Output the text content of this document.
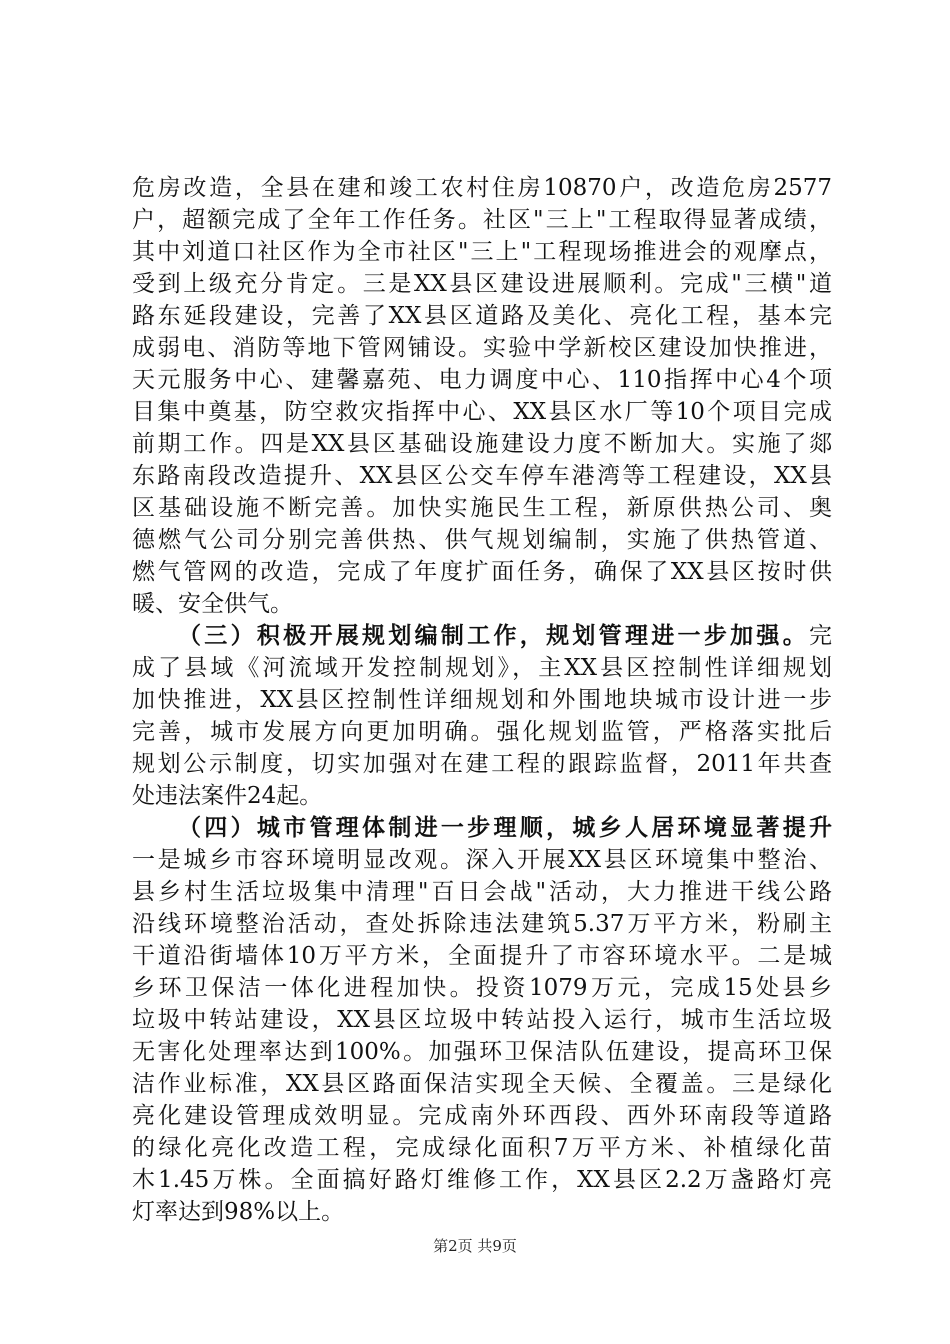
危房改造，全县在建和竣工农村住房10870户，改造危房2577
户，超额完成了全年工作任务。社区"三上"工程取得显著成绩，
其中刘道口社区作为全市社区"三上"工程现场推进会的观摩点，
受到上级充分肯定。三是XX县区建设进展顺利。完成"三横"道
路东延段建设，完善了XX县区道路及美化、亮化工程，基本完
成弱电、消防等地下管网铺设。实验中学新校区建设加快推进，
天元服务中心、建馨嘉苑、电力调度中心、110指挥中心4个项
目集中奠基，防空救灾指挥中心、XX县区水厂等10个项目完成
前期工作。四是XX县区基础设施建设力度不断加大。实施了郯
东路南段改造提升、XX县区公交车停车港湾等工程建设，XX县
区基础设施不断完善。加快实施民生工程，新原供热公司、奥
德燃气公司分别完善供热、供气规划编制，实施了供热管道、
燃气管网的改造，完成了年度扩面任务，确保了XX县区按时供
暖、安全供气。
（三）积极开展规划编制工作，规划管理进一步加强。完
成了县域《河流域开发控制规划》，主XX县区控制性详细规划
加快推进，XX县区控制性详细规划和外围地块城市设计进一步
完善，城市发展方向更加明确。强化规划监管，严格落实批后
规划公示制度，切实加强对在建工程的跟踪监督，2011年共查
处违法案件24起。
（四）城市管理体制进一步理顺，城乡人居环境显著提升
一是城乡市容环境明显改观。深入开展XX县区环境集中整治、
县乡村生活垃圾集中清理"百日会战"活动，大力推进干线公路
沿线环境整治活动，查处拆除违法建筑5.37万平方米，粉刷主
干道沿街墙体10万平方米，全面提升了市容环境水平。二是城
乡环卫保洁一体化进程加快。投资1079万元，完成15处县乡
垃圾中转站建设，XX县区垃圾中转站投入运行，城市生活垃圾
无害化处理率达到100%。加强环卫保洁队伍建设，提高环卫保
洁作业标准，XX县区路面保洁实现全天候、全覆盖。三是绿化
亮化建设管理成效明显。完成南外环西段、西外环南段等道路
的绿化亮化改造工程，完成绿化面积7万平方米、补植绿化苗
木1.45万株。全面搞好路灯维修工作，XX县区2.2万盏路灯亮
灯率达到98%以上。
第2页 共9页
